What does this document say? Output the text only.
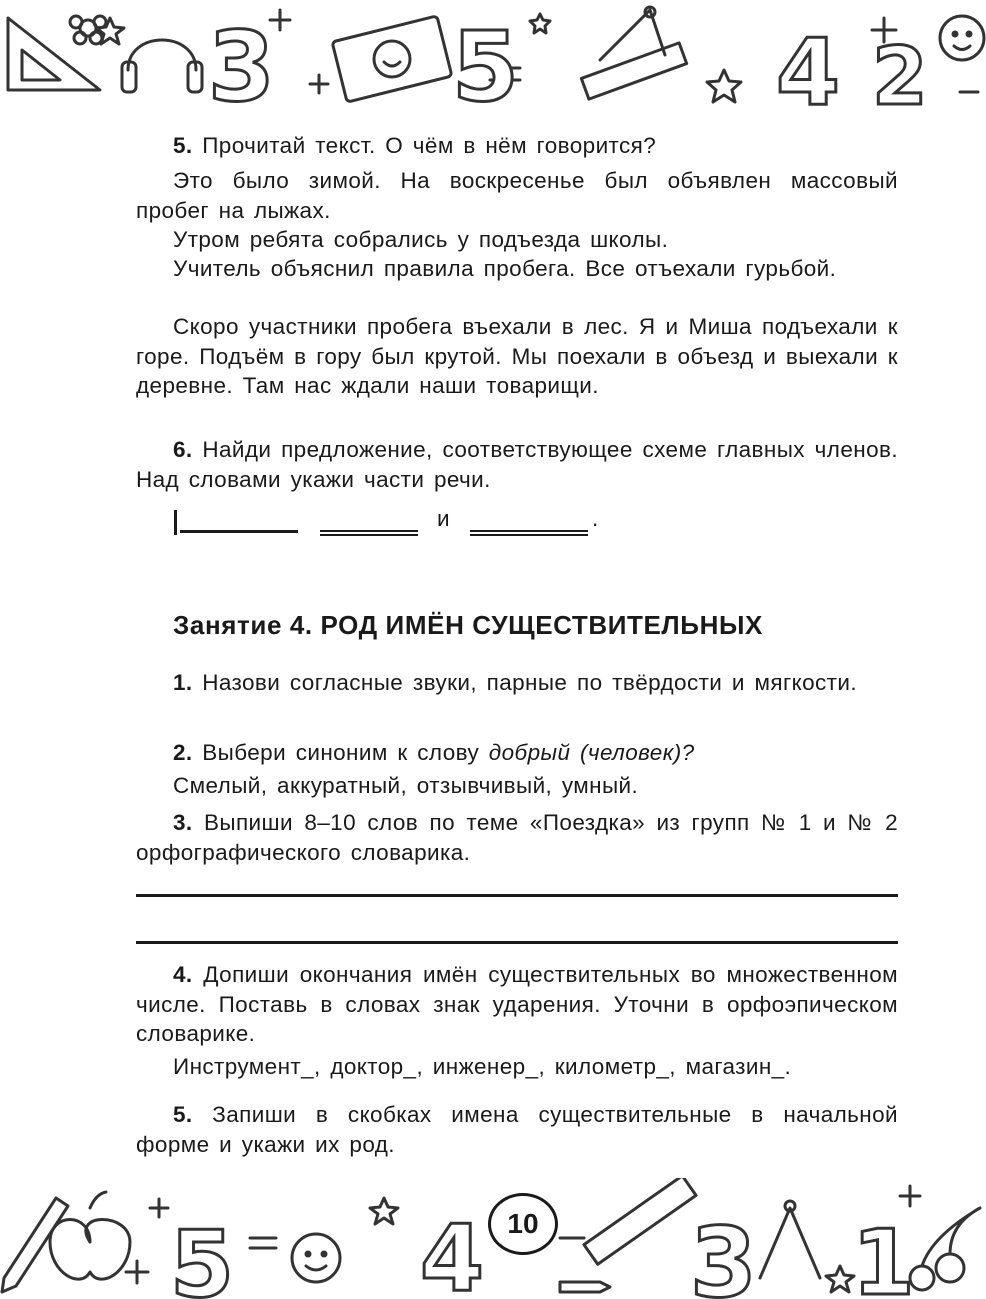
3 5	4 2

5. Прочитай текст. О чём в нём говорится?

Это было зимой. На воскресенье был объявлен массовый пробег на лыжах.

Утром ребята собрались у подъезда школы.

Учитель объяснил правила пробега. Все отъехали гурьбой.

Скоро участники пробега въехали в лес. Я и Миша подъехали к горе. Подъём в гору был крутой. Мы поехали в объезд и выехали к деревне. Там нас ждали наши товарищи.

6. Найди предложение, соответствующее схеме главных членов. Над словами укажи части речи.

и	.
Занятие 4. РОД ИМЁН СУЩЕСТВИТЕЛЬНЫХ

1. Назови согласные звуки, парные по твёрдости и мягкости.

2. Выбери синоним к слову добрый (человек)?

Смелый, аккуратный, отзывчивый, умный.

3. Выпиши 8–10 слов по теме «Поездка» из групп № 1 и № 2 орфографического словарика.

4. Допиши окончания имён существительных во множественном числе. Поставь в словах знак ударения. Уточни в орфоэпическом словарике.

Инструмент_, доктор_, инженер_, километр_, магазин_.

5. Запиши в скобках имена существительные в начальной форме и укажи их род.

5 4 3 1
10
